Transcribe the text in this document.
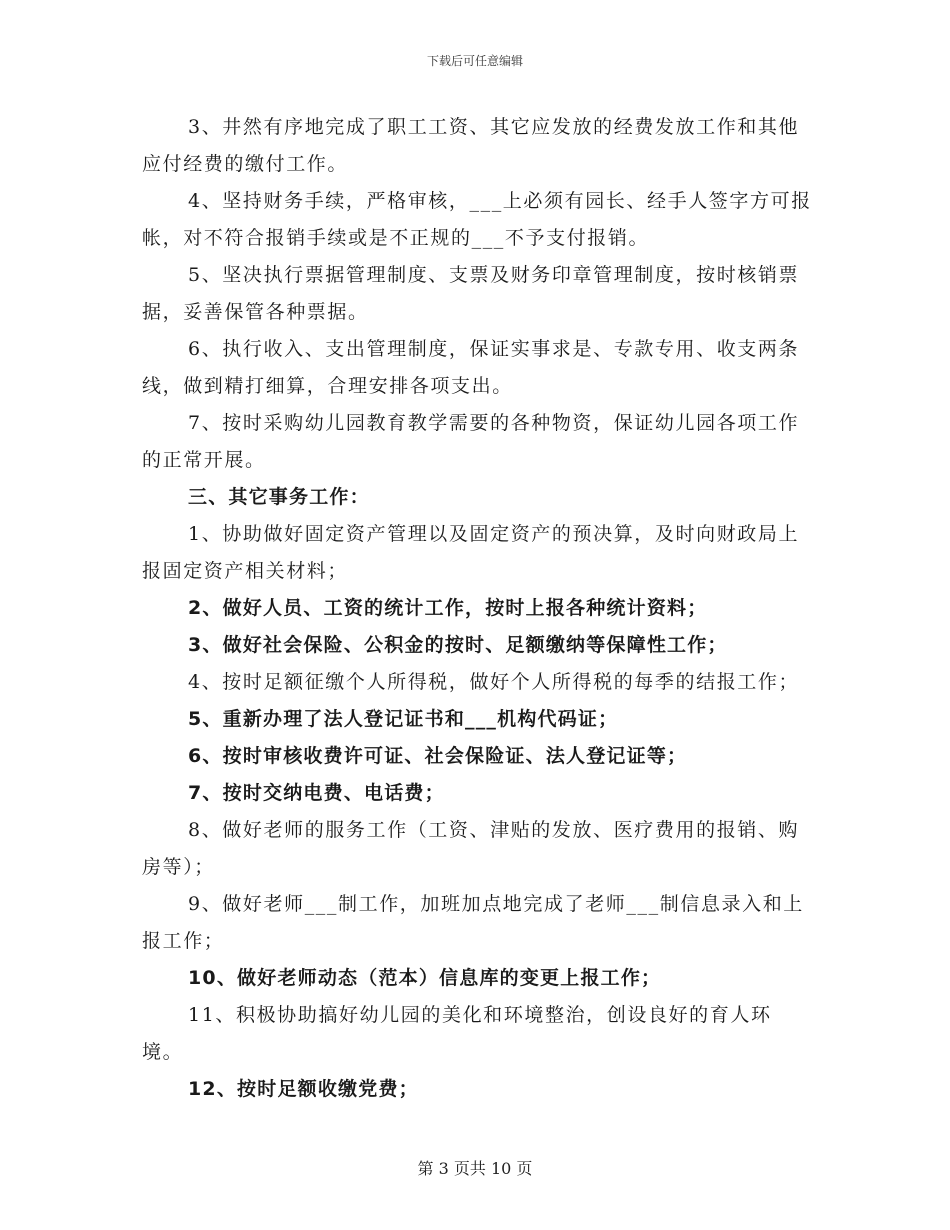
下载后可任意编辑

3、井然有序地完成了职工工资、其它应发放的经费发放工作和其他应付经费的缴付工作。

4、坚持财务手续，严格审核，___上必须有园长、经手人签字方可报帐，对不符合报销手续或是不正规的___不予支付报销。

5、坚决执行票据管理制度、支票及财务印章管理制度，按时核销票据，妥善保管各种票据。

6、执行收入、支出管理制度，保证实事求是、专款专用、收支两条线，做到精打细算，合理安排各项支出。

7、按时采购幼儿园教育教学需要的各种物资，保证幼儿园各项工作的正常开展。

三、其它事务工作：

1、协助做好固定资产管理以及固定资产的预决算，及时向财政局上报固定资产相关材料；

2、做好人员、工资的统计工作，按时上报各种统计资料；

3、做好社会保险、公积金的按时、足额缴纳等保障性工作；

4、按时足额征缴个人所得税，做好个人所得税的每季的结报工作；

5、重新办理了法人登记证书和___机构代码证；

6、按时审核收费许可证、社会保险证、法人登记证等；

7、按时交纳电费、电话费；

8、做好老师的服务工作（工资、津贴的发放、医疗费用的报销、购房等）；

9、做好老师___制工作，加班加点地完成了老师___制信息录入和上报工作；

10、做好老师动态（范本）信息库的变更上报工作；

11、积极协助搞好幼儿园的美化和环境整治，创设良好的育人环境。

12、按时足额收缴党费；

第 3 页共 10 页
